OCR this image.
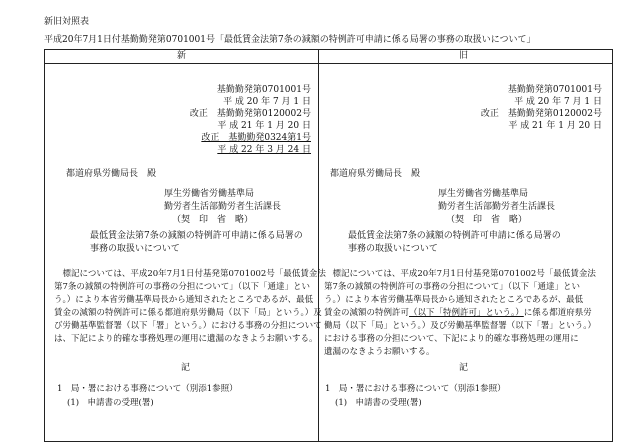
新旧対照表
平成20年7月1日付基勤勤発第0701001号「最低賃金法第7条の減額の特例許可申請に係る局署の事務の取扱いについて」
新	旧
基勤勤発第0701001号
平 成 20 年 7 月 1 日
改正　基勤勤発第0120002号
平 成 21 年 1 月 20 日
改正　基勤勤発0324第1号
平 成 22 年 3 月 24 日
都道府県労働局長　殿
厚生労働省労働基準局
勤労者生活部勤労者生活課長
（契　印　省　略）
最低賃金法第7条の減額の特例許可申請に係る局署の
事務の取扱いについて
　標記については、平成20年7月1日付基発第0701002号「最低賃金法
第7条の減額の特例許可の事務の分担について」（以下「通達」とい
う。）により本省労働基準局長から通知されたところであるが、最低
賃金の減額の特例許可に係る都道府県労働局（以下「局」という。）及
び労働基準監督署（以下「署」という。）における事務の分担について
は、下記により的確な事務処理の運用に遺漏のなきようお願いする。
記
1　局・署における事務について（別添1参照）
(1)　申請書の受理(署)
基勤勤発第0701001号
平 成 20 年 7 月 1 日
改正　基勤勤発第0120002号
平 成 21 年 1 月 20 日
都道府県労働局長　殿
厚生労働省労働基準局
勤労者生活部勤労者生活課長
（契　印　省　略）
最低賃金法第7条の減額の特例許可申請に係る局署の
事務の取扱いについて
　標記については、平成20年7月1日付基発第0701002号「最低賃金法
第7条の減額の特例許可の事務の分担について」（以下「通達」とい
う。）により本省労働基準局長から通知されたところであるが、最低
賃金の減額の特例許可（以下「特例許可」という。）に係る都道府県労
働局（以下「局」という。）及び労働基準監督署（以下「署」という。）
における事務の分担について、下記により的確な事務処理の運用に
遺漏のなきようお願いする。
記
1　局・署における事務について（別添1参照）
(1)　申請書の受理(署)
